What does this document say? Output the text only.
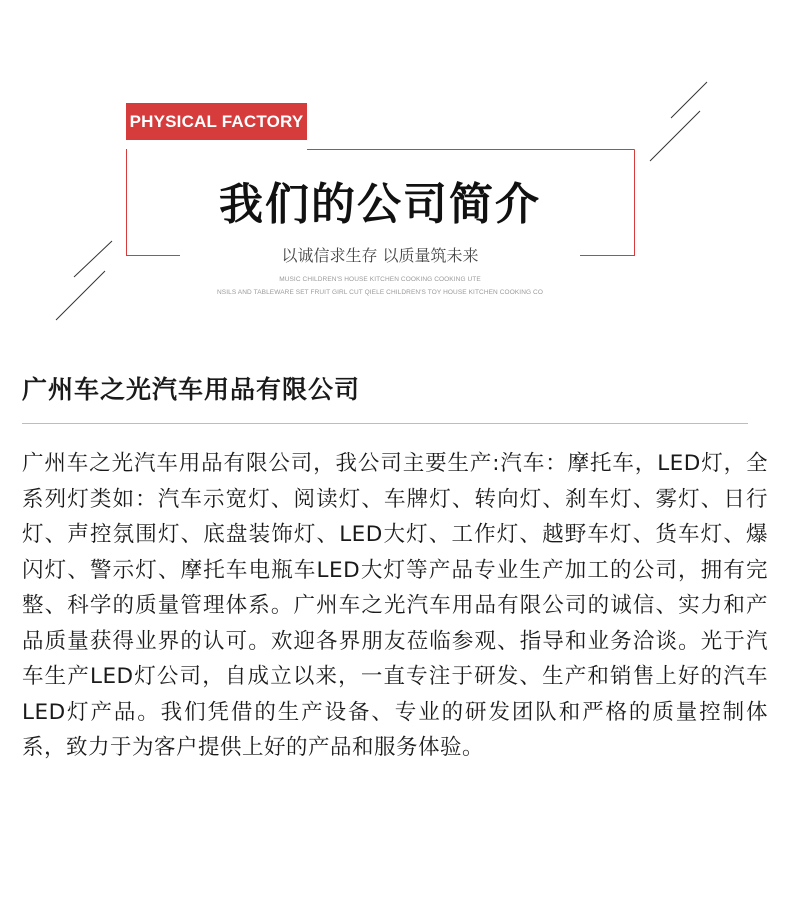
PHYSICAL FACTORY
我们的公司简介
以诚信求生存 以质量筑未来
MUSIC CHILDREN'S HOUSE KITCHEN COOKING COOKING UTE
NSILS AND TABLEWARE SET FRUIT GIRL CUT QIELE CHILDREN'S TOY HOUSE KITCHEN COOKING CO
广州车之光汽车用品有限公司

广州车之光汽车用品有限公司，我公司主要生产:汽车：摩托车，LED灯，全系列灯类如：汽车示宽灯、阅读灯、车牌灯、转向灯、刹车灯、雾灯、日行灯、声控氛围灯、底盘装饰灯、LED大灯、工作灯、越野车灯、货车灯、爆闪灯、警示灯、摩托车电瓶车LED大灯等产品专业生产加工的公司，拥有完整、科学的质量管理体系。广州车之光汽车用品有限公司的诚信、实力和产品质量获得业界的认可。欢迎各界朋友莅临参观、指导和业务洽谈。光于汽车生产LED灯公司，自成立以来，一直专注于研发、生产和销售上好的汽车LED灯产品。我们凭借的生产设备、专业的研发团队和严格的质量控制体系，致力于为客户提供上好的产品和服务体验。
